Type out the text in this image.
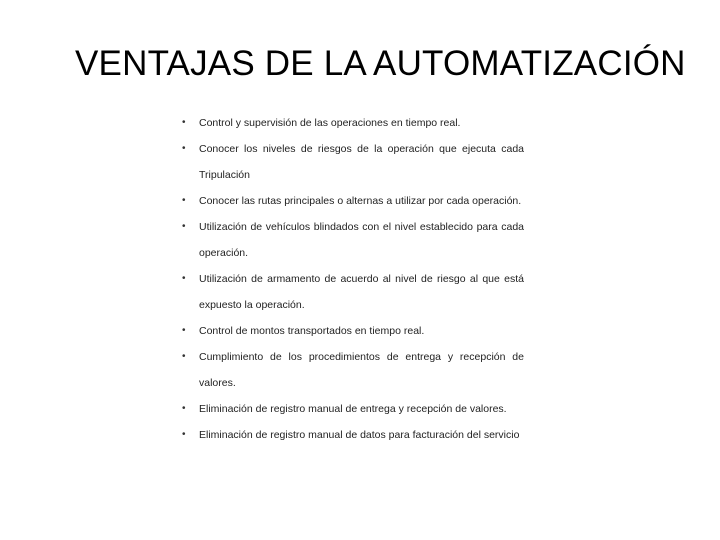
VENTAJAS DE LA AUTOMATIZACIÓN
• Control y supervisión de las operaciones en tiempo real.
• Conocer los niveles de riesgos de la operación que ejecuta cada Tripulación
• Conocer las rutas principales o alternas a utilizar por cada operación.
• Utilización de vehículos blindados con el nivel establecido para cada operación.
• Utilización de armamento de acuerdo al nivel de riesgo al que está expuesto la operación.
• Control de montos transportados en tiempo real.
• Cumplimiento de los procedimientos de entrega y recepción de valores.
• Eliminación de registro manual de entrega y recepción de valores.
• Eliminación de registro manual de datos para facturación del servicio
